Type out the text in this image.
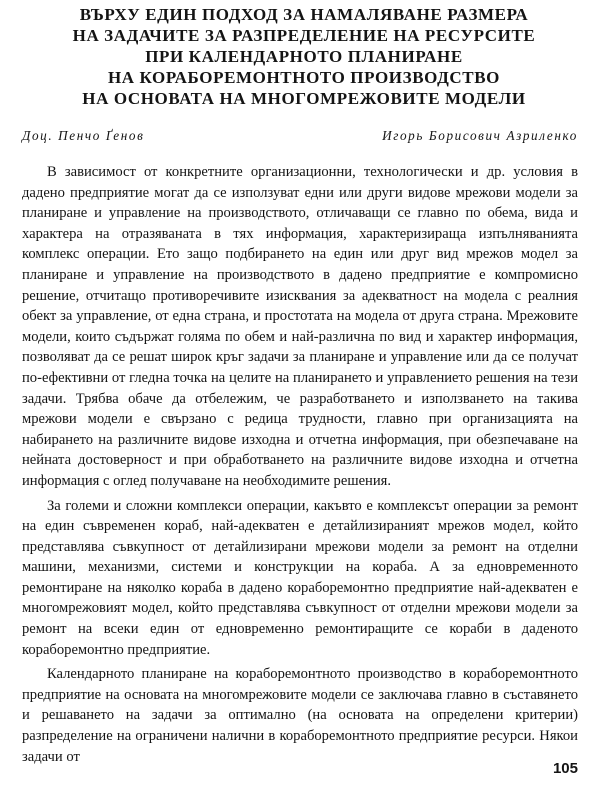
ВЪРХУ ЕДИН ПОДХОД ЗА НАМАЛЯВАНЕ РАЗМЕРА
НА ЗАДАЧИТЕ ЗА РАЗПРЕДЕЛЕНИЕ НА РЕСУРСИТЕ
ПРИ КАЛЕНДАРНОТО ПЛАНИРАНЕ
НА КОРАБОРЕМОНТНОТО ПРОИЗВОДСТВО
НА ОСНОВАТА НА МНОГОМРЕЖОВИТЕ МОДЕЛИ
Доц. Пенчо Ґенов	Игорь Борисович Азриленко

В зависимост от конкретните организационни, технологически и др. условия в дадено предприятие могат да се използуват едни или други видове мрежови модели за планиране и управление на производството, отличаващи се главно по обема, вида и характера на отразяваната в тях информация, характеризираща изпълняванията комплекс операции. Ето защо подбирането на един или друг вид мрежов модел за планиране и управление на производството в дадено предприятие е компромисно решение, отчитащо противоречивите изисквания за адекватност на модела с реалния обект за управление, от една страна, и простотата на модела от друга страна. Мрежовите модели, които съдържат голяма по обем и най-различна по вид и характер информация, позволяват да се решат широк кръг задачи за планиране и управление или да се получат по-ефективни от гледна точка на целите на планирането и управлението решения на тези задачи. Трябва обаче да отбележим, че разработването и използването на такива мрежови модели е свързано с редица трудности, главно при организацията на набирането на различните видове изходна и отчетна информация, при обезпечаване на нейната достоверност и при обработването на различните видове изходна и отчетна информация с оглед получаване на необходимите решения.

За големи и сложни комплекси операции, какъвто е комплексът операции за ремонт на един съвременен кораб, най-адекватен е детайлизираният мрежов модел, който представлява съвкупност от детайлизирани мрежови модели за ремонт на отделни машини, механизми, системи и конструкции на кораба. А за едновременното ремонтиране на няколко кораба в дадено кораборемонтно предприятие най-адекватен е многомрежовият модел, който представлява съвкупност от отделни мрежови модели за ремонт на всеки един от едновременно ремонтиращите се кораби в даденото кораборемонтно предприятие.

Календарното планиране на кораборемонтното производство в кораборемонтното предприятие на основата на многомрежовите модели се заключава главно в съставянето и решаването на задачи за оптимално (на основата на определени критерии) разпределение на ограничени налични в кораборемонтното предприятие ресурси. Някои задачи от

105
